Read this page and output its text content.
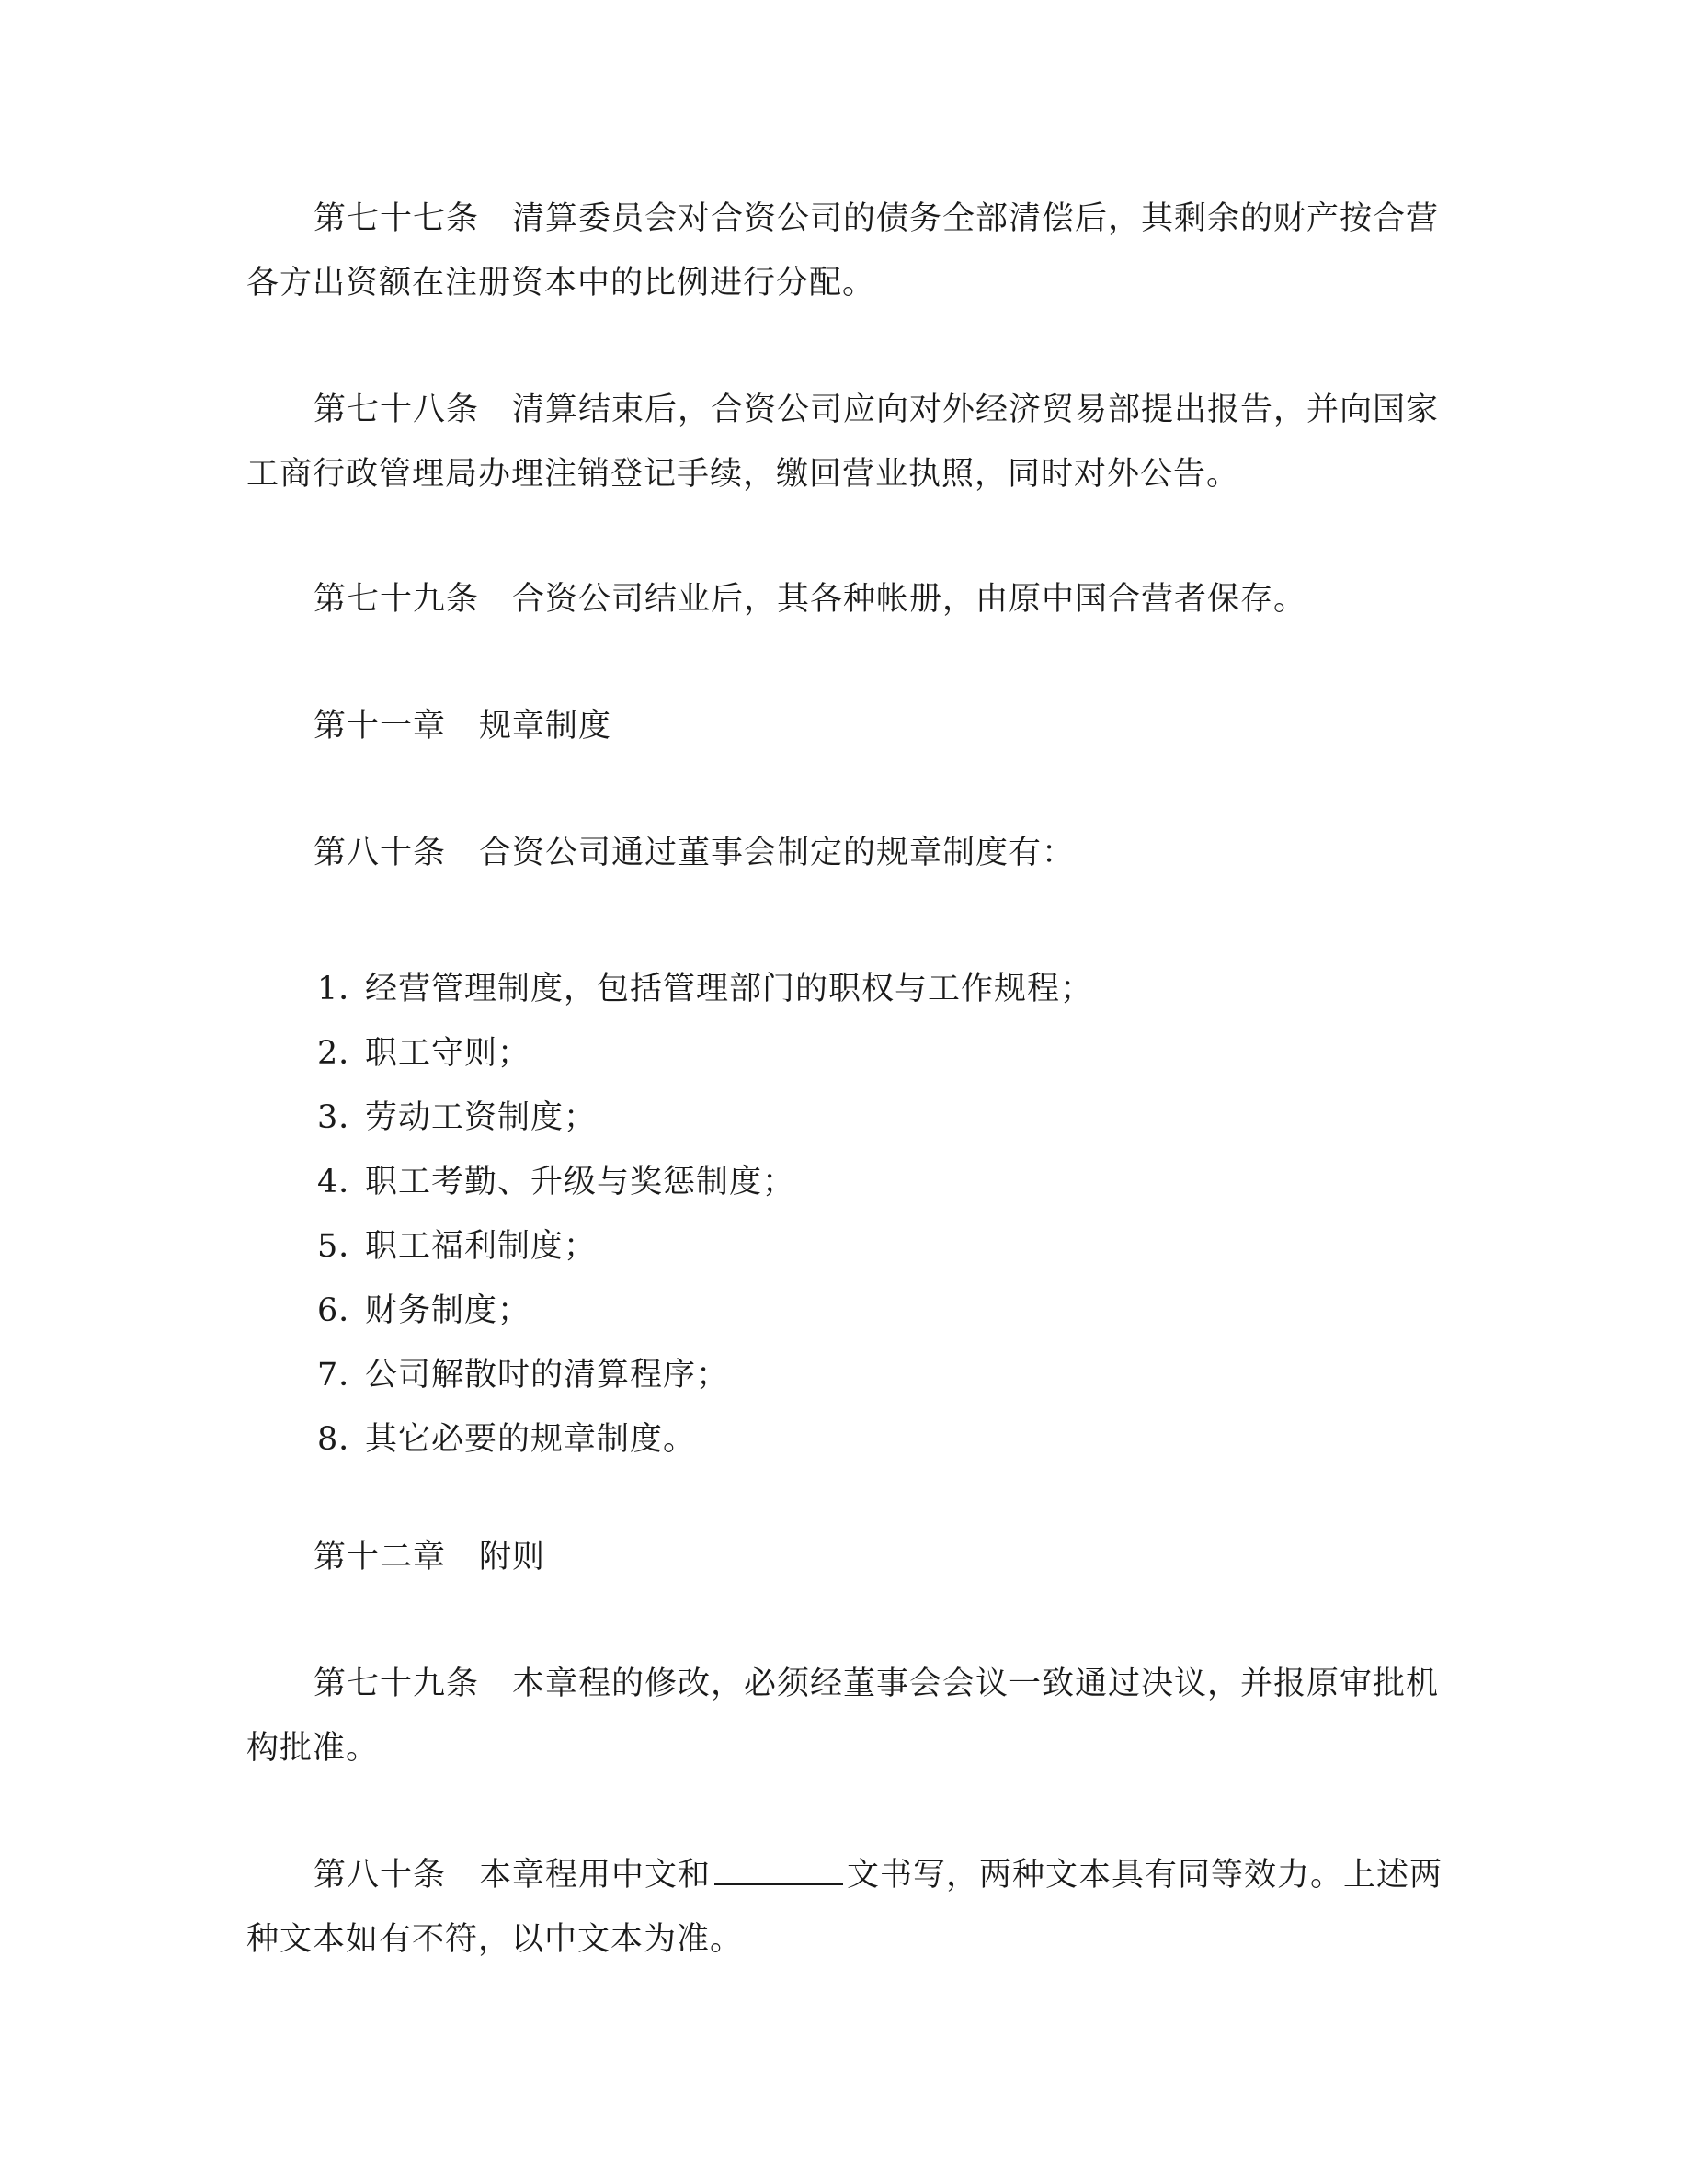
第七十七条 清算委员会对合资公司的债务全部清偿后，其剩余的财产按合营
各方出资额在注册资本中的比例进行分配。
第七十八条 清算结束后，合资公司应向对外经济贸易部提出报告，并向国家
工商行政管理局办理注销登记手续，缴回营业执照，同时对外公告。
第七十九条 合资公司结业后，其各种帐册，由原中国合营者保存。
第十一章 规章制度
第八十条 合资公司通过董事会制定的规章制度有：
1．经营管理制度，包括管理部门的职权与工作规程；
2．职工守则；
3．劳动工资制度；
4．职工考勤、升级与奖惩制度；
5．职工福利制度；
6．财务制度；
7．公司解散时的清算程序；
8．其它必要的规章制度。
第十二章 附则
第七十九条 本章程的修改，必须经董事会会议一致通过决议，并报原审批机
构批准。
第八十条 本章程用中文和	文书写，两种文本具有同等效力。上述两
种文本如有不符，以中文本为准。
